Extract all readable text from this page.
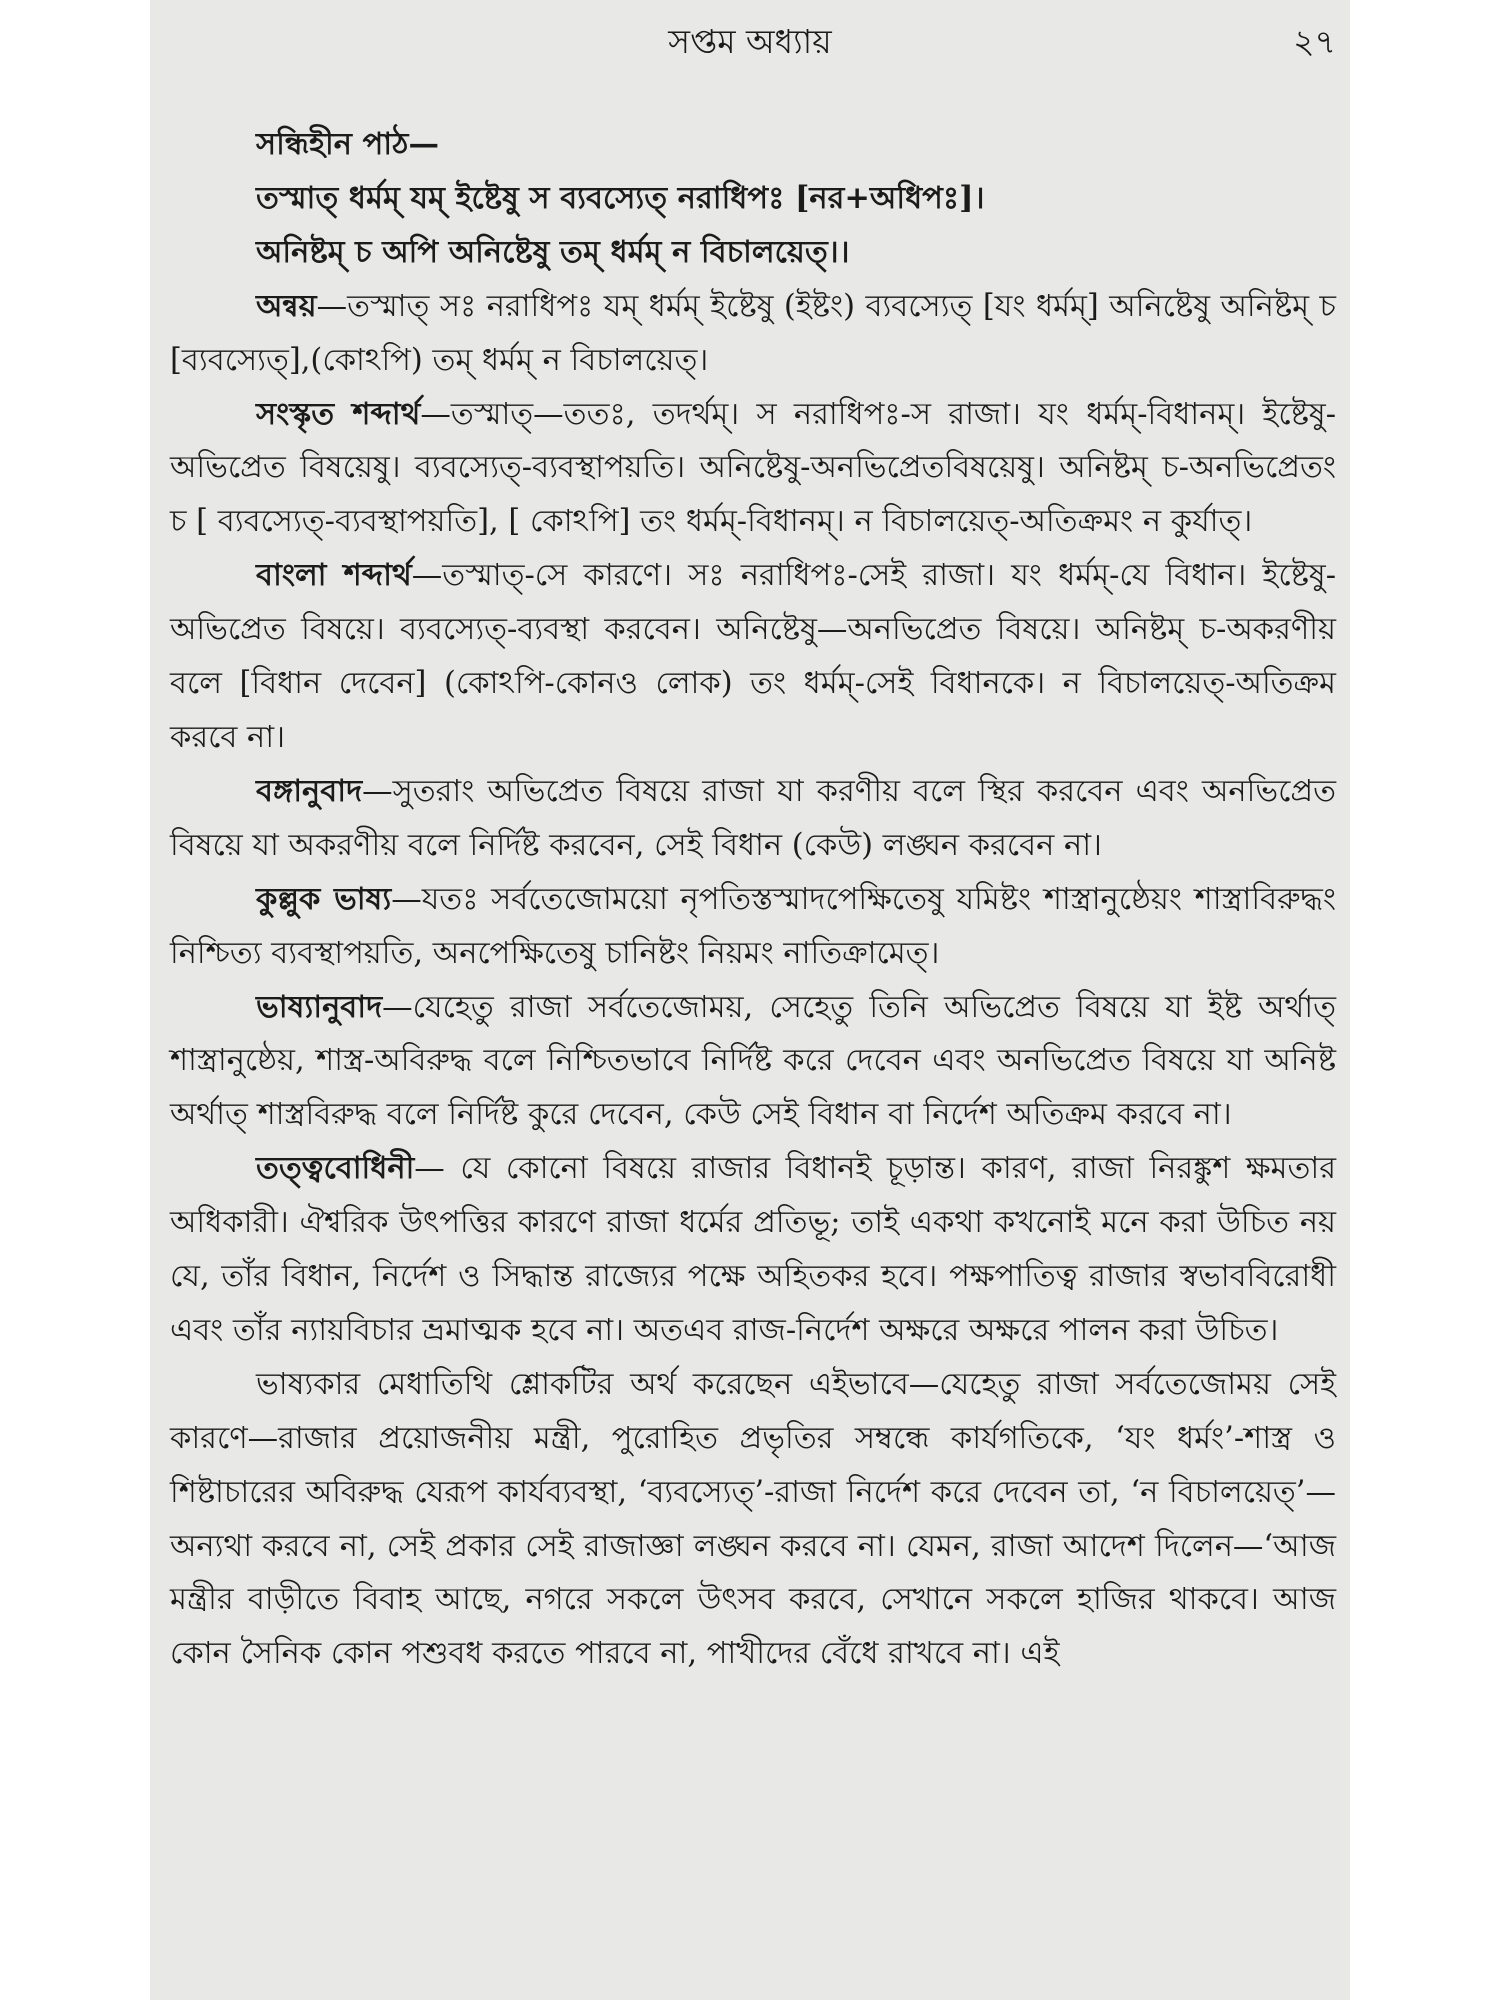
সপ্তম অধ্যায়	২৭

সন্ধিহীন পাঠ—

তস্মাত্ ধর্মম্ যম্ ইষ্টেষু স ব্যবস্যেত্ নরাধিপঃ [নর+অধিপঃ]।

অনিষ্টম্ চ অপি অনিষ্টেষু তম্ ধর্মম্ ন বিচালয়েত্।।

অন্বয়—তস্মাত্ সঃ নরাধিপঃ যম্ ধর্মম্ ইষ্টেষু (ইষ্টং) ব্যবস্যেত্ [যং ধর্মম্] অনিষ্টেষু অনিষ্টম্ চ [ব্যবস্যেত্],(কোঽপি) তম্ ধর্মম্ ন বিচালয়েত্।

সংস্কৃত শব্দার্থ—তস্মাত্—ততঃ, তদর্থম্। স নরাধিপঃ-স রাজা। যং ধর্মম্-বিধানম্। ইষ্টেষু-অভিপ্রেত বিষয়েষু। ব্যবস্যেত্-ব্যবস্থাপয়তি। অনিষ্টেষু-অনভিপ্রেতবিষয়েষু। অনিষ্টম্ চ-অনভিপ্রেতং চ [ ব্যবস্যেত্-ব্যবস্থাপয়তি], [ কোঽপি] তং ধর্মম্-বিধানম্। ন বিচালয়েত্-অতিক্রমং ন কুর্যাত্।

বাংলা শব্দার্থ—তস্মাত্-সে কারণে। সঃ নরাধিপঃ-সেই রাজা। যং ধর্মম্-যে বিধান। ইষ্টেষু-অভিপ্রেত বিষয়ে। ব্যবস্যেত্-ব্যবস্থা করবেন। অনিষ্টেষু—অনভিপ্রেত বিষয়ে। অনিষ্টম্ চ-অকরণীয় বলে [বিধান দেবেন] (কোঽপি-কোনও লোক) তং ধর্মম্-সেই বিধানকে। ন বিচালয়েত্-অতিক্রম করবে না।

বঙ্গানুবাদ—সুতরাং অভিপ্রেত বিষয়ে রাজা যা করণীয় বলে স্থির করবেন এবং অনভিপ্রেত বিষয়ে যা অকরণীয় বলে নির্দিষ্ট করবেন, সেই বিধান (কেউ) লঙ্ঘন করবেন না।

কুল্লুক ভাষ্য—যতঃ সর্বতেজোময়ো নৃপতিস্তস্মাদপেক্ষিতেষু যমিষ্টং শাস্ত্রানুষ্ঠেয়ং শাস্ত্রাবিরুদ্ধং নিশ্চিত্য ব্যবস্থাপয়তি, অনপেক্ষিতেষু চানিষ্টং নিয়মং নাতিক্রামেত্।

ভাষ্যানুবাদ—যেহেতু রাজা সর্বতেজোময়, সেহেতু তিনি অভিপ্রেত বিষয়ে যা ইষ্ট অর্থাত্ শাস্ত্রানুষ্ঠেয়, শাস্ত্র-অবিরুদ্ধ বলে নিশ্চিতভাবে নির্দিষ্ট করে দেবেন এবং অনভিপ্রেত বিষয়ে যা অনিষ্ট অর্থাত্ শাস্ত্রবিরুদ্ধ বলে নির্দিষ্ট কুরে দেবেন, কেউ সেই বিধান বা নির্দেশ অতিক্রম করবে না।

তত্ত্ববোধিনী— যে কোনো বিষয়ে রাজার বিধানই চূড়ান্ত। কারণ, রাজা নিরঙ্কুশ ক্ষমতার অধিকারী। ঐশ্বরিক উৎপত্তির কারণে রাজা ধর্মের প্রতিভূ; তাই একথা কখনোই মনে করা উচিত নয় যে, তাঁর বিধান, নির্দেশ ও সিদ্ধান্ত রাজ্যের পক্ষে অহিতকর হবে। পক্ষপাতিত্ব রাজার স্বভাববিরোধী এবং তাঁর ন্যায়বিচার ভ্রমাত্মক হবে না। অতএব রাজ-নির্দেশ অক্ষরে অক্ষরে পালন করা উচিত।

ভাষ্যকার মেধাতিথি শ্লোকটির অর্থ করেছেন এইভাবে—যেহেতু রাজা সর্বতেজোময় সেই কারণে—রাজার প্রয়োজনীয় মন্ত্রী, পুরোহিত প্রভৃতির সম্বন্ধে কার্যগতিকে, ‘যং ধর্মং’-শাস্ত্র ও শিষ্টাচারের অবিরুদ্ধ যেরূপ কার্যব্যবস্থা, ‘ব্যবস্যেত্’-রাজা নির্দেশ করে দেবেন তা, ‘ন বিচালয়েত্’—অন্যথা করবে না, সেই প্রকার সেই রাজাজ্ঞা লঙ্ঘন করবে না। যেমন, রাজা আদেশ দিলেন—‘আজ মন্ত্রীর বাড়ীতে বিবাহ আছে, নগরে সকলে উৎসব করবে, সেখানে সকলে হাজির থাকবে। আজ কোন সৈনিক কোন পশুবধ করতে পারবে না, পাখীদের বেঁধে রাখবে না। এই
